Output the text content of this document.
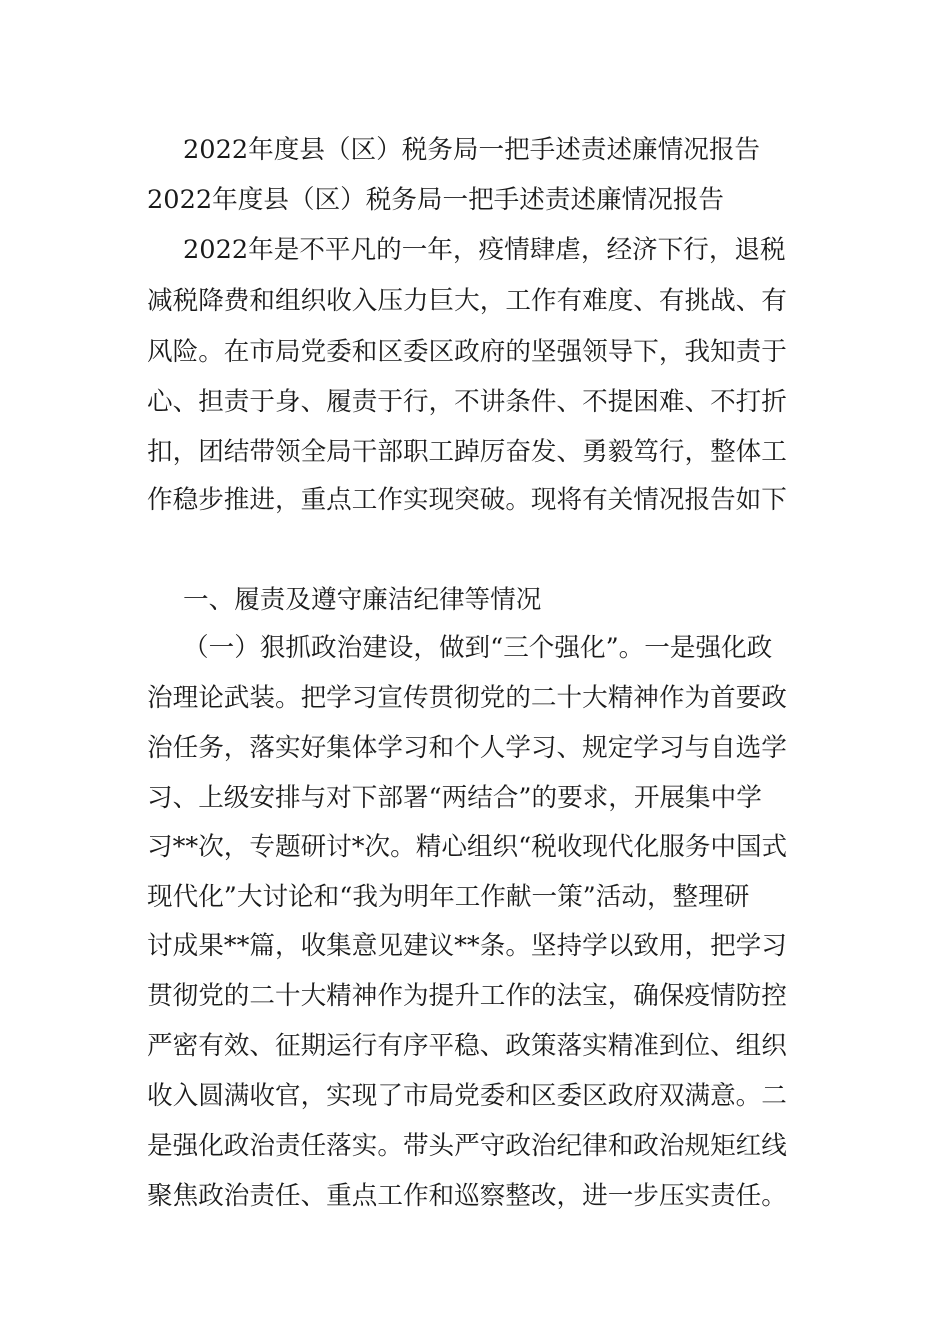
2022年度县（区）税务局一把手述责述廉情况报告
2022年度县（区）税务局一把手述责述廉情况报告
2022年是不平凡的一年，疫情肆虐，经济下行，退税
减税降费和组织收入压力巨大，工作有难度、有挑战、有
风险。在市局党委和区委区政府的坚强领导下，我知责于
心、担责于身、履责于行，不讲条件、不提困难、不打折
扣，团结带领全局干部职工踔厉奋发、勇毅笃行，整体工
作稳步推进，重点工作实现突破。现将有关情况报告如下
一、履责及遵守廉洁纪律等情况
（一）狠抓政治建设，做到“三个强化”。一是强化政
治理论武装。把学习宣传贯彻党的二十大精神作为首要政
治任务，落实好集体学习和个人学习、规定学习与自选学
习、上级安排与对下部署“两结合”的要求，开展集中学
习**次，专题研讨*次。精心组织“税收现代化服务中国式
现代化”大讨论和“我为明年工作献一策”活动，整理研
讨成果**篇，收集意见建议**条。坚持学以致用，把学习
贯彻党的二十大精神作为提升工作的法宝，确保疫情防控
严密有效、征期运行有序平稳、政策落实精准到位、组织
收入圆满收官，实现了市局党委和区委区政府双满意。二
是强化政治责任落实。带头严守政治纪律和政治规矩红线
聚焦政治责任、重点工作和巡察整改，进一步压实责任。
